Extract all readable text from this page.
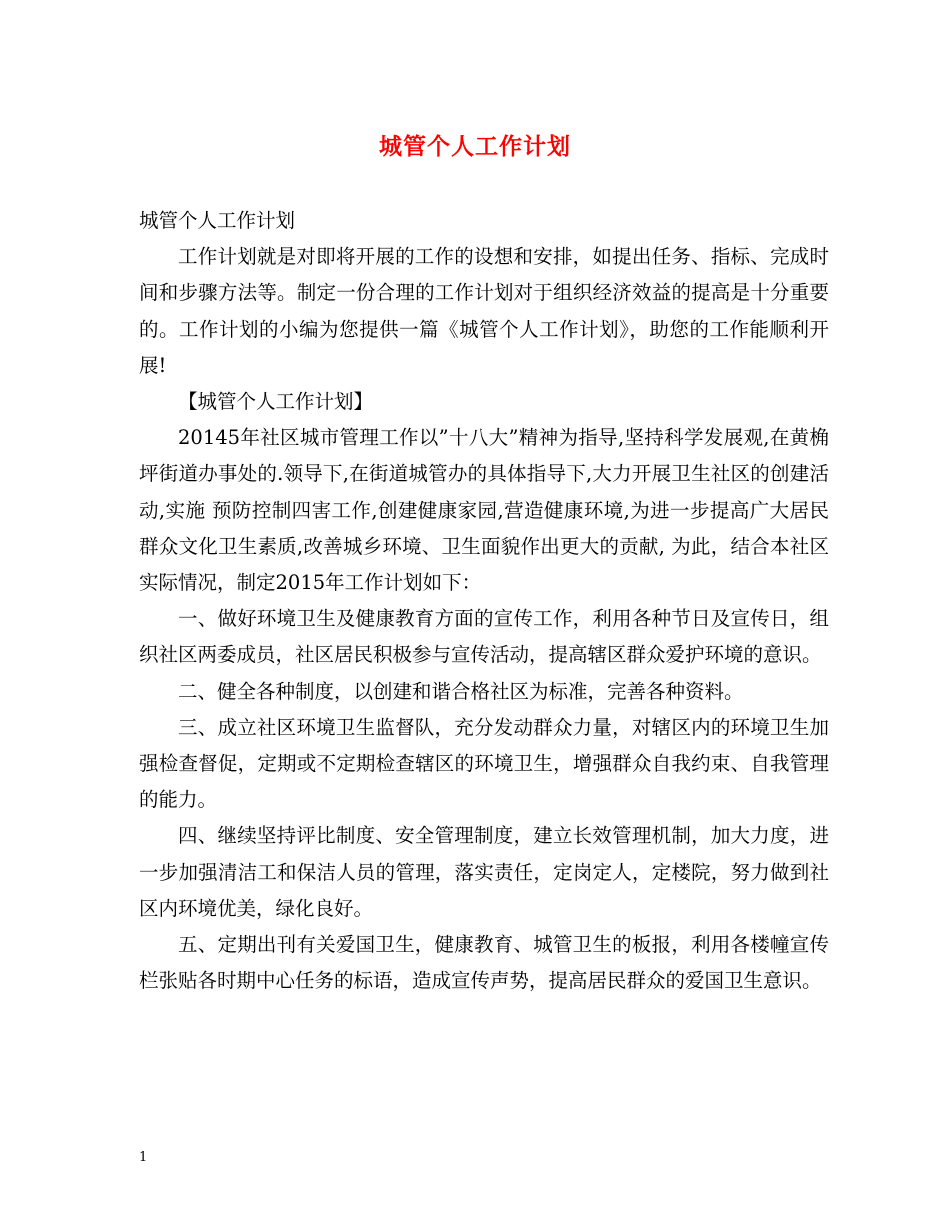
城管个人工作计划

城管个人工作计划

工作计划就是对即将开展的工作的设想和安排，如提出任务、指标、完成时间和步骤方法等。制定一份合理的工作计划对于组织经济效益的提高是十分重要的。工作计划的小编为您提供一篇《城管个人工作计划》，助您的工作能顺利开展!

【城管个人工作计划】

20145年社区城市管理工作以”十八大”精神为指导,坚持科学发展观,在黄桷坪街道办事处的.领导下,在街道城管办的具体指导下,大力开展卫生社区的创建活动,实施 预防控制四害工作,创建健康家园,营造健康环境,为进一步提高广大居民群众文化卫生素质,改善城乡环境、卫生面貌作出更大的贡献, 为此，结合本社区实际情况，制定2015年工作计划如下：

一、做好环境卫生及健康教育方面的宣传工作，利用各种节日及宣传日，组织社区两委成员，社区居民积极参与宣传活动，提高辖区群众爱护环境的意识。

二、健全各种制度，以创建和谐合格社区为标准，完善各种资料。

三、成立社区环境卫生监督队，充分发动群众力量，对辖区内的环境卫生加强检查督促，定期或不定期检查辖区的环境卫生，增强群众自我约束、自我管理的能力。

四、继续坚持评比制度、安全管理制度，建立长效管理机制，加大力度，进一步加强清洁工和保洁人员的管理，落实责任，定岗定人，定楼院，努力做到社区内环境优美，绿化良好。

五、定期出刊有关爱国卫生，健康教育、城管卫生的板报，利用各楼幢宣传栏张贴各时期中心任务的标语，造成宣传声势，提高居民群众的爱国卫生意识。

1
